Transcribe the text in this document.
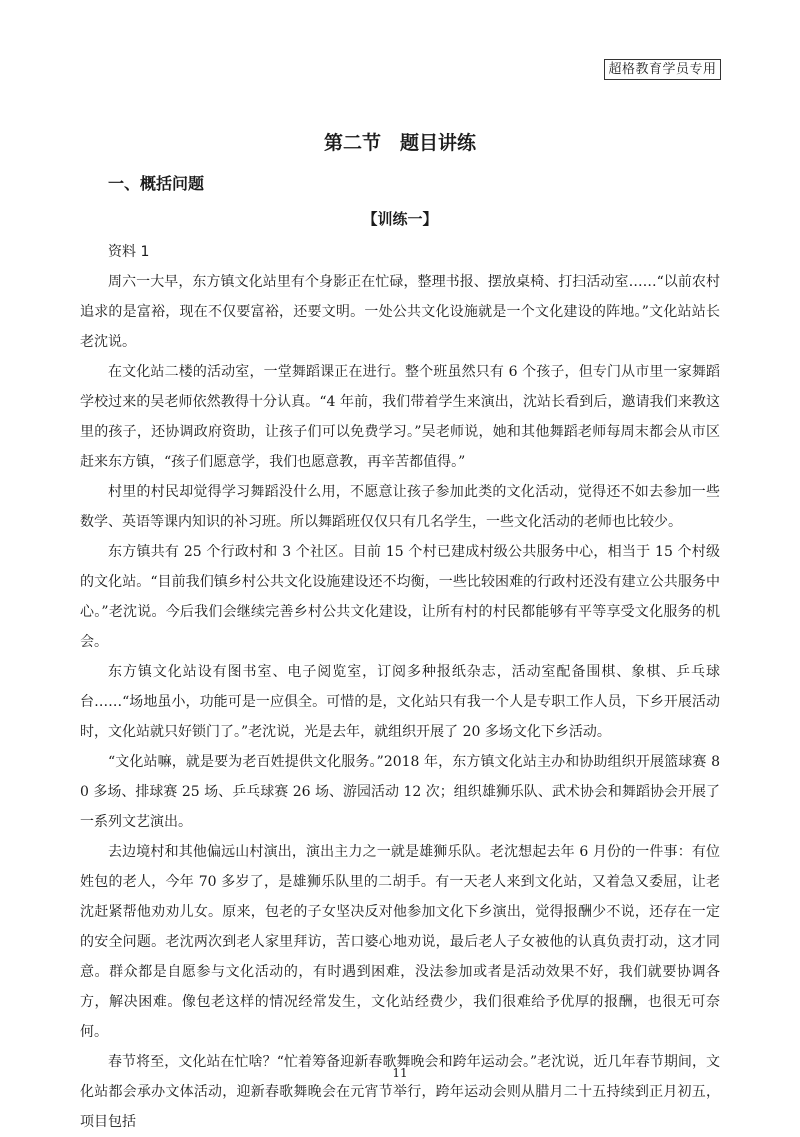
超格教育学员专用
第二节　题目讲练
一、概括问题
【训练一】
资料 1

周六一大早，东方镇文化站里有个身影正在忙碌，整理书报、摆放桌椅、打扫活动室……“以前农村追求的是富裕，现在不仅要富裕，还要文明。一处公共文化设施就是一个文化建设的阵地。”文化站站长老沈说。

在文化站二楼的活动室，一堂舞蹈课正在进行。整个班虽然只有 6 个孩子，但专门从市里一家舞蹈学校过来的吴老师依然教得十分认真。“4 年前，我们带着学生来演出，沈站长看到后，邀请我们来教这里的孩子，还协调政府资助，让孩子们可以免费学习。”吴老师说，她和其他舞蹈老师每周末都会从市区赶来东方镇，“孩子们愿意学，我们也愿意教，再辛苦都值得。”

村里的村民却觉得学习舞蹈没什么用，不愿意让孩子参加此类的文化活动，觉得还不如去参加一些数学、英语等课内知识的补习班。所以舞蹈班仅仅只有几名学生，一些文化活动的老师也比较少。

东方镇共有 25 个行政村和 3 个社区。目前 15 个村已建成村级公共服务中心，相当于 15 个村级的文化站。“目前我们镇乡村公共文化设施建设还不均衡，一些比较困难的行政村还没有建立公共服务中心。”老沈说。今后我们会继续完善乡村公共文化建设，让所有村的村民都能够有平等享受文化服务的机会。

东方镇文化站设有图书室、电子阅览室，订阅多种报纸杂志，活动室配备围棋、象棋、乒乓球台……“场地虽小，功能可是一应俱全。可惜的是，文化站只有我一个人是专职工作人员，下乡开展活动时，文化站就只好锁门了。”老沈说，光是去年，就组织开展了 20 多场文化下乡活动。

“文化站嘛，就是要为老百姓提供文化服务。”2018 年，东方镇文化站主办和协助组织开展篮球赛 80 多场、排球赛 25 场、乒乓球赛 26 场、游园活动 12 次；组织雄狮乐队、武术协会和舞蹈协会开展了一系列文艺演出。

去边境村和其他偏远山村演出，演出主力之一就是雄狮乐队。老沈想起去年 6 月份的一件事：有位姓包的老人，今年 70 多岁了，是雄狮乐队里的二胡手。有一天老人来到文化站，又着急又委屈，让老沈赶紧帮他劝劝儿女。原来，包老的子女坚决反对他参加文化下乡演出，觉得报酬少不说，还存在一定的安全问题。老沈两次到老人家里拜访，苦口婆心地劝说，最后老人子女被他的认真负责打动，这才同意。群众都是自愿参与文化活动的，有时遇到困难，没法参加或者是活动效果不好，我们就要协调各方，解决困难。像包老这样的情况经常发生，文化站经费少，我们很难给予优厚的报酬，也很无可奈何。

春节将至，文化站在忙啥？“忙着筹备迎新春歌舞晚会和跨年运动会。”老沈说，近几年春节期间，文化站都会承办文体活动，迎新春歌舞晚会在元宵节举行，跨年运动会则从腊月二十五持续到正月初五，项目包括

11
